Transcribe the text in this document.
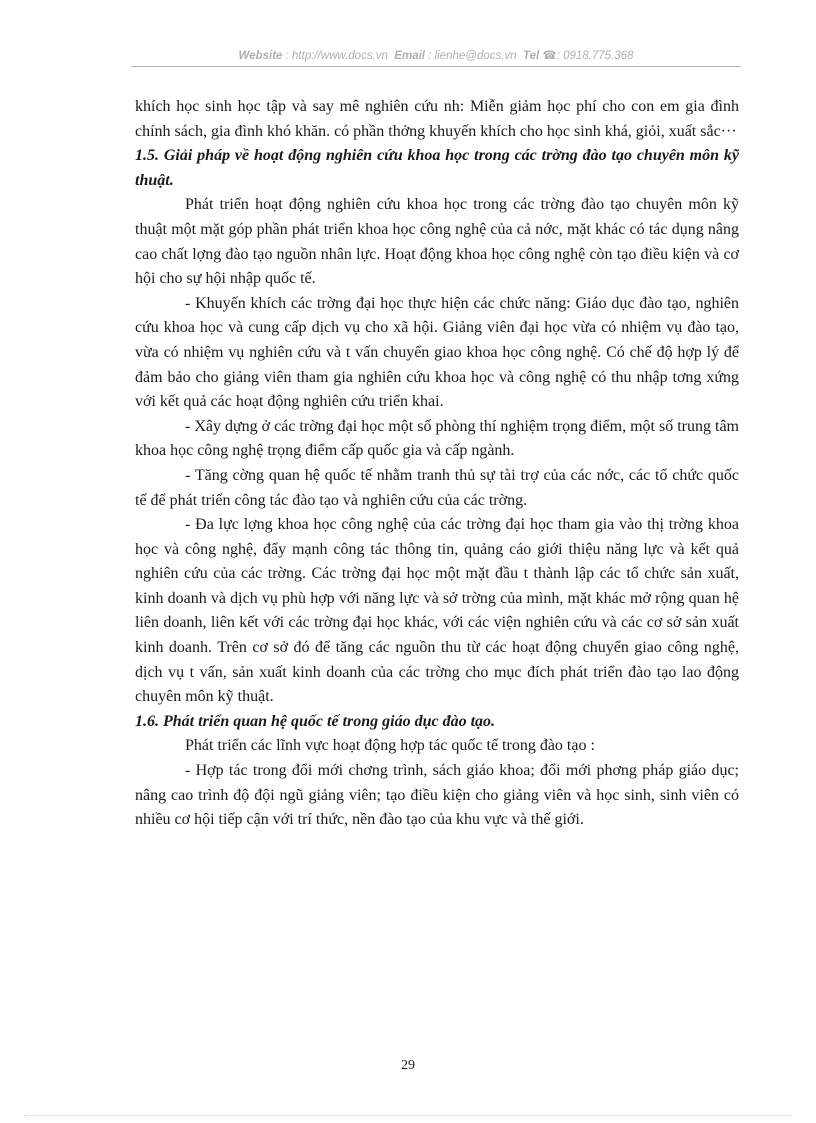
Website : http://www.docs.vn Email : lienhe@docs.vn Tel ☎: 0918.775.368

khích học sinh học tập và say mê nghiên cứu nh: Miễn giảm học phí cho con em gia đình chính sách, gia đình khó khăn. có phần thởng khuyến khích cho học sinh khá, giỏi, xuất sắc···

1.5. Giải pháp về hoạt động nghiên cứu khoa học trong các trờng đào tạo chuyên môn kỹ thuật.

Phát triển hoạt động nghiên cứu khoa học trong các trờng đào tạo chuyên môn kỹ thuật một mặt góp phần phát triển khoa học công nghệ của cả nớc, mặt khác có tác dụng nâng cao chất lợng đào tạo nguồn nhân lực. Hoạt động khoa học công nghệ còn tạo điều kiện và cơ hội cho sự hội nhập quốc tế.

- Khuyến khích các trờng đại học thực hiện các chức năng: Giáo dục đào tạo, nghiên cứu khoa học và cung cấp dịch vụ cho xã hội. Giảng viên đại học vừa có nhiệm vụ đào tạo, vừa có nhiệm vụ nghiên cứu và t vấn chuyển giao khoa học công nghệ. Có chế độ hợp lý để đảm bảo cho giảng viên tham gia nghiên cứu khoa học và công nghệ có thu nhập tơng xứng với kết quả các hoạt động nghiên cứu triển khai.

- Xây dựng ở các trờng đại học một số phòng thí nghiệm trọng điểm, một số trung tâm khoa học công nghệ trọng điểm cấp quốc gia và cấp ngành.

- Tăng cờng quan hệ quốc tế nhằm tranh thủ sự tài trợ của các nớc, các tổ chức quốc tế để phát triển công tác đào tạo và nghiên cứu của các trờng.

- Đa lực lợng khoa học công nghệ của các trờng đại học tham gia vào thị trờng khoa học và công nghệ, đẩy mạnh công tác thông tin, quảng cáo giới thiệu năng lực và kết quả nghiên cứu của các trờng. Các trờng đại học một mặt đầu t thành lập các tổ chức sản xuất, kinh doanh và dịch vụ phù hợp với năng lực và sở trờng của mình, mặt khác mở rộng quan hệ liên doanh, liên kết với các trờng đại học khác, với các viện nghiên cứu và các cơ sở sản xuất kinh doanh. Trên cơ sở đó để tăng các nguồn thu từ các hoạt động chuyển giao công nghệ, dịch vụ t vấn, sản xuất kinh doanh của các trờng cho mục đích phát triển đào tạo lao động chuyên môn kỹ thuật.

1.6. Phát triển quan hệ quốc tế trong giáo dục đào tạo.

Phát triển các lĩnh vực hoạt động hợp tác quốc tế trong đào tạo :

- Hợp tác trong đổi mới chơng trình, sách giáo khoa; đổi mới phơng pháp giáo dục; nâng cao trình độ đội ngũ giảng viên; tạo điều kiện cho giảng viên và học sinh, sinh viên có nhiều cơ hội tiếp cận với trí thức, nền đào tạo của khu vực và thế giới.

29
